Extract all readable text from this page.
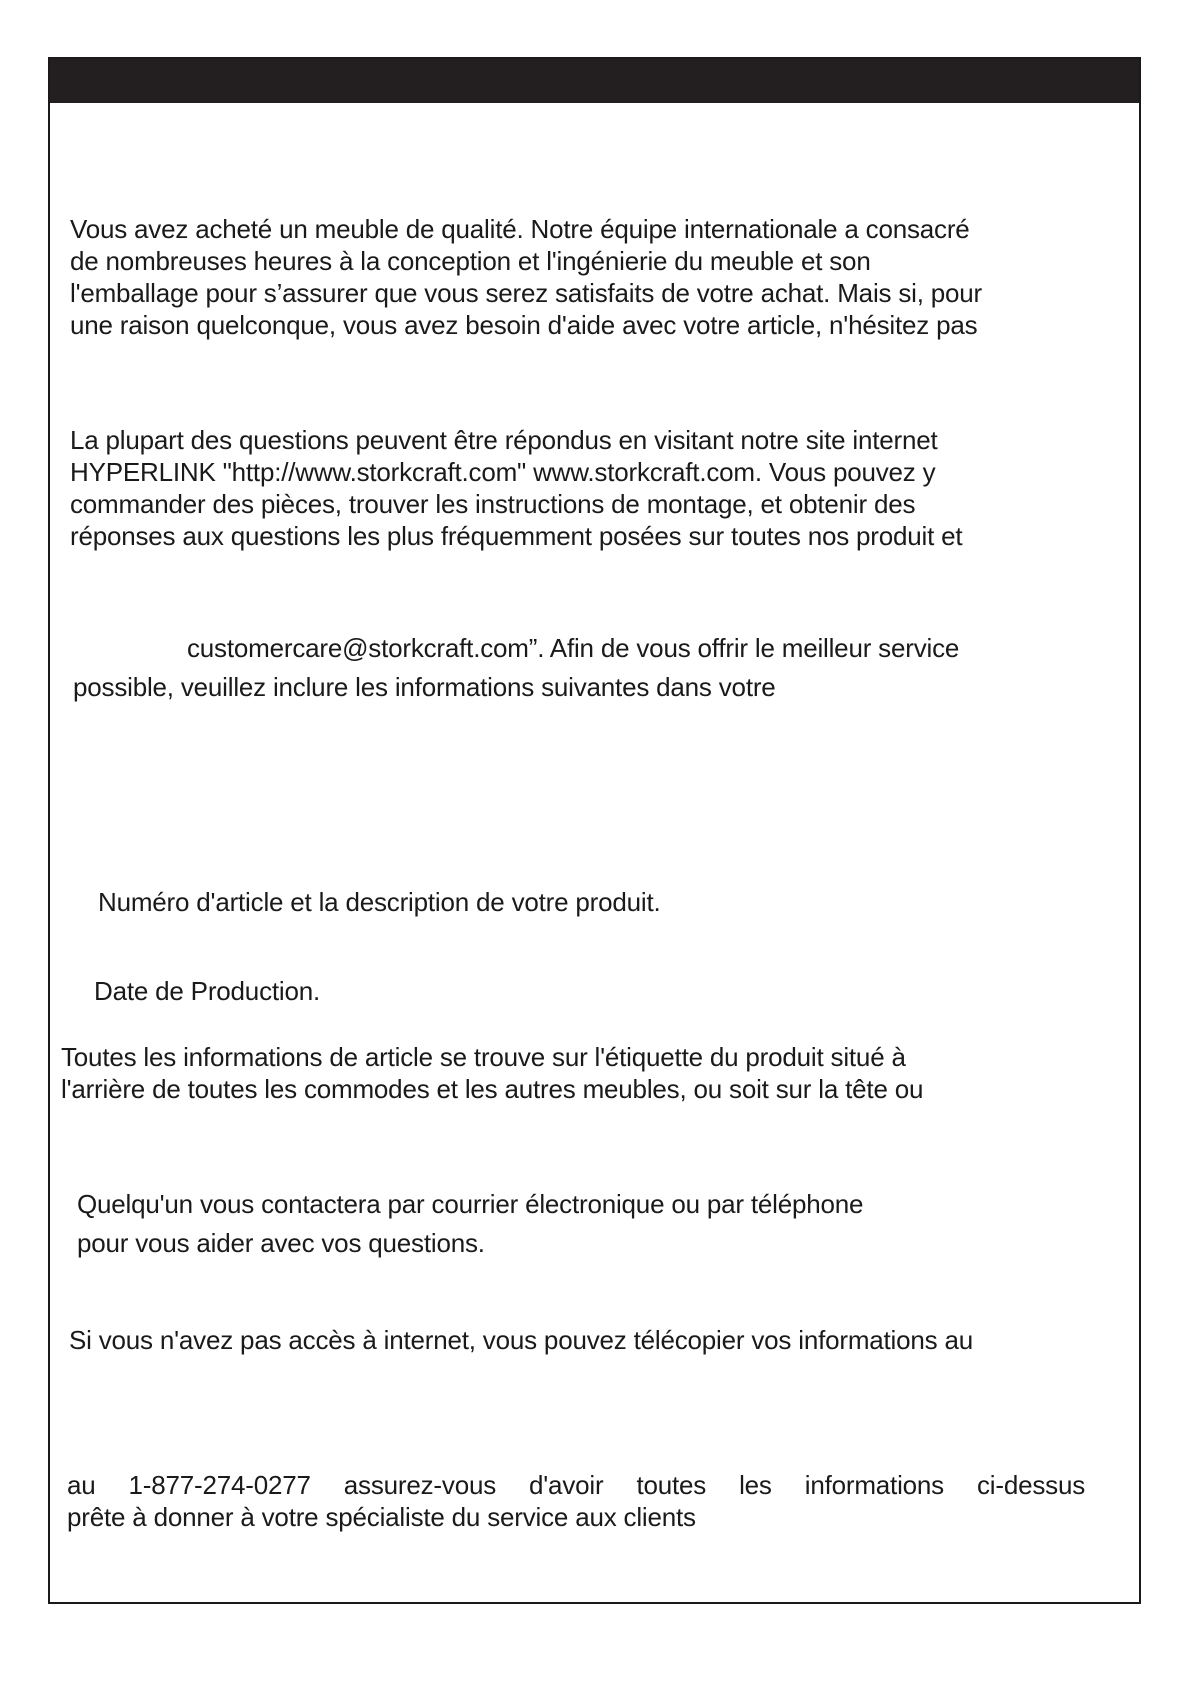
Vous avez acheté un meuble de qualité. Notre équipe internationale a consacré
de nombreuses heures à la conception et l'ingénierie du meuble et son
l'emballage pour s’assurer que vous serez satisfaits de votre achat. Mais si, pour
une raison quelconque, vous avez besoin d'aide avec votre article, n'hésitez pas
La plupart des questions peuvent être répondus en visitant notre site internet
HYPERLINK "http://www.storkcraft.com" www.storkcraft.com. Vous pouvez y
commander des pièces, trouver les instructions de montage, et obtenir des
réponses aux questions les plus fréquemment posées sur toutes nos produit et
customercare@storkcraft.com”. Afin de vous offrir le meilleur service
possible, veuillez inclure les informations suivantes dans votre
Numéro d'article et la description de votre produit.
Date de Production.
Toutes les informations de article se trouve sur l'étiquette du produit situé à
l'arrière de toutes les commodes et les autres meubles, ou soit sur la tête ou
Quelqu'un vous contactera par courrier électronique ou par téléphone
pour vous aider avec vos questions.
Si vous n'avez pas accès à internet, vous pouvez télécopier vos informations au
au 1-877-274-0277 assurez-vous d'avoir toutes les informations ci-dessus
prête à donner à votre spécialiste du service aux clients
